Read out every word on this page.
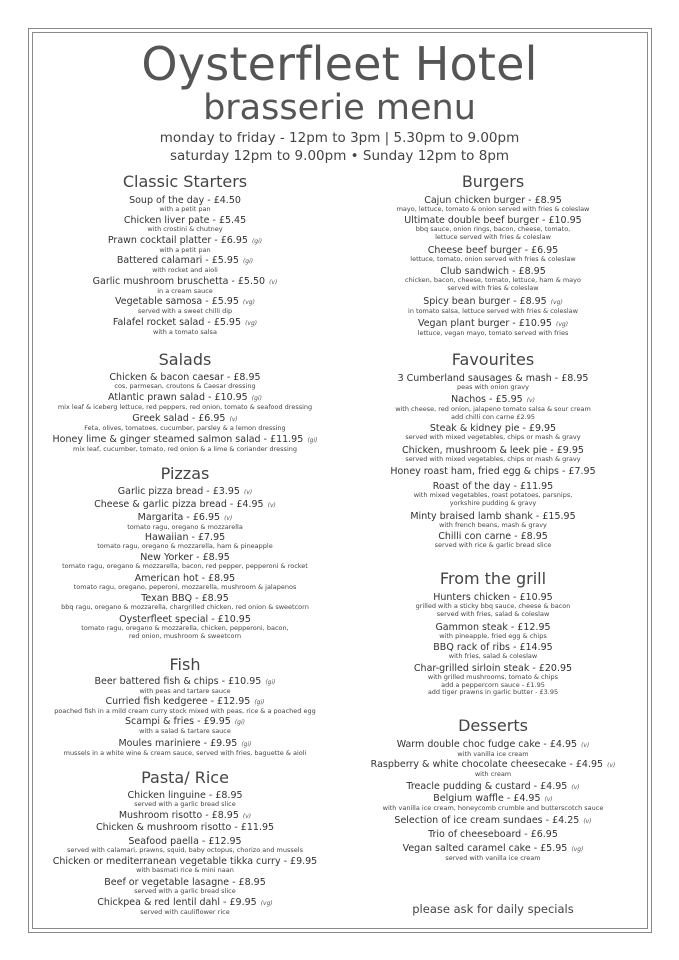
Oysterfleet Hotel
brasserie menu
monday to friday - 12pm to 3pm | 5.30pm to 9.00pm
saturday 12pm to 9.00pm • Sunday 12pm to 8pm
Classic Starters
Soup of the day - £4.50
with a petit pan
Chicken liver pate - £5.45
with crostini & chutney
Prawn cocktail platter - £6.95 (gi)
with a petit pan
Battered calamari - £5.95 (gi)
with rocket and aioli
Garlic mushroom bruschetta - £5.50 (v)
in a cream sauce
Vegetable samosa - £5.95 (vg)
served with a sweet chilli dip
Falafel rocket salad - £5.95 (vg)
with a tomato salsa
Salads
Chicken & bacon caesar - £8.95
cos, parmesan, croutons & Caesar dressing
Atlantic prawn salad - £10.95 (gi)
mix leaf & iceberg lettuce, red peppers, red onion, tomato & seafood dressing
Greek salad - £6.95 (v)
Feta, olives, tomatoes, cucumber, parsley & a lemon dressing
Honey lime & ginger steamed salmon salad - £11.95 (gi)
mix leaf, cucumber, tomato, red onion & a lime & coriander dressing
Pizzas
Garlic pizza bread - £3.95 (v)
Cheese & garlic pizza bread - £4.95 (v)
Margarita - £6.95 (v)
tomato ragu, oregano & mozzarella
Hawaiian - £7.95
tomato ragu, oregano & mozzarella, ham & pineapple
New Yorker - £8.95
tomato ragu, oregano & mozzarella, bacon, red pepper, pepperoni & rocket
American hot - £8.95
tomato ragu, oregano, peperoni, mozzarella, mushroom & jalapenos
Texan BBQ - £8.95
bbq ragu, oregano & mozzarella, chargrilled chicken, red onion & sweetcorn
Oysterfleet special - £10.95
tomato ragu, oregano & mozzarella, chicken, pepperoni, bacon,
red onion, mushroom & sweetcorn
Fish
Beer battered fish & chips - £10.95 (gi)
with peas and tartare sauce
Curried fish kedgeree - £12.95 (gi)
poached fish in a mild cream curry stock mixed with peas, rice & a poached egg
Scampi & fries - £9.95 (gi)
with a salad & tartare sauce
Moules mariniere - £9.95 (gi)
mussels in a white wine & cream sauce, served with fries, baguette & aioli
Pasta/ Rice
Chicken linguine - £8.95
served with a garlic bread slice
Mushroom risotto - £8.95 (v)
Chicken & mushroom risotto - £11.95
Seafood paella - £12.95
served with calamari, prawns, squid, baby octopus, chorizo and mussels
Chicken or mediterranean vegetable tikka curry - £9.95
with basmati rice & mini naan
Beef or vegetable lasagne - £8.95
served with a garlic bread slice
Chickpea & red lentil dahl - £9.95 (vg)
served with cauliflower rice
Burgers
Cajun chicken burger - £8.95
mayo, lettuce, tomato & onion served with fries & coleslaw
Ultimate double beef burger - £10.95
bbq sauce, onion rings, bacon, cheese, tomato,
lettuce served with fries & coleslaw
Cheese beef burger - £6.95
lettuce, tomato, onion served with fries & coleslaw
Club sandwich - £8.95
chicken, bacon, cheese, tomato, lettuce, ham & mayo
served with fries & coleslaw
Spicy bean burger - £8.95 (vg)
in tomato salsa, lettuce served with fries & coleslaw
Vegan plant burger - £10.95 (vg)
lettuce, vegan mayo, tomato served with fries
Favourites
3 Cumberland sausages & mash - £8.95
peas with onion gravy
Nachos - £5.95 (v)
with cheese, red onion, jalapeno tomato salsa & sour cream
add chilli con carne £2.95
Steak & kidney pie - £9.95
served with mixed vegetables, chips or mash & gravy
Chicken, mushroom & leek pie - £9.95
served with mixed vegetables, chips or mash & gravy
Honey roast ham, fried egg & chips - £7.95
Roast of the day - £11.95
with mixed vegetables, roast potatoes, parsnips,
yorkshire pudding & gravy
Minty braised lamb shank - £15.95
with french beans, mash & gravy
Chilli con carne - £8.95
served with rice & garlic bread slice
From the grill
Hunters chicken - £10.95
grilled with a sticky bbq sauce, cheese & bacon
served with fries, salad & coleslaw
Gammon steak - £12.95
with pineapple, fried egg & chips
BBQ rack of ribs - £14.95
with fries, salad & coleslaw
Char-grilled sirloin steak - £20.95
with grilled mushrooms, tomato & chips
add a peppercorn sauce - £1.95
add tiger prawns in garlic butter - £3.95
Desserts
Warm double choc fudge cake - £4.95 (v)
with vanilla ice cream
Raspberry & white chocolate cheesecake - £4.95 (v)
with cream
Treacle pudding & custard - £4.95 (v)
Belgium waffle - £4.95 (v)
with vanilla ice cream, honeycomb crumble and butterscotch sauce
Selection of ice cream sundaes - £4.25 (v)
Trio of cheeseboard - £6.95
Vegan salted caramel cake - £5.95 (vg)
served with vanilla ice cream
please ask for daily specials
